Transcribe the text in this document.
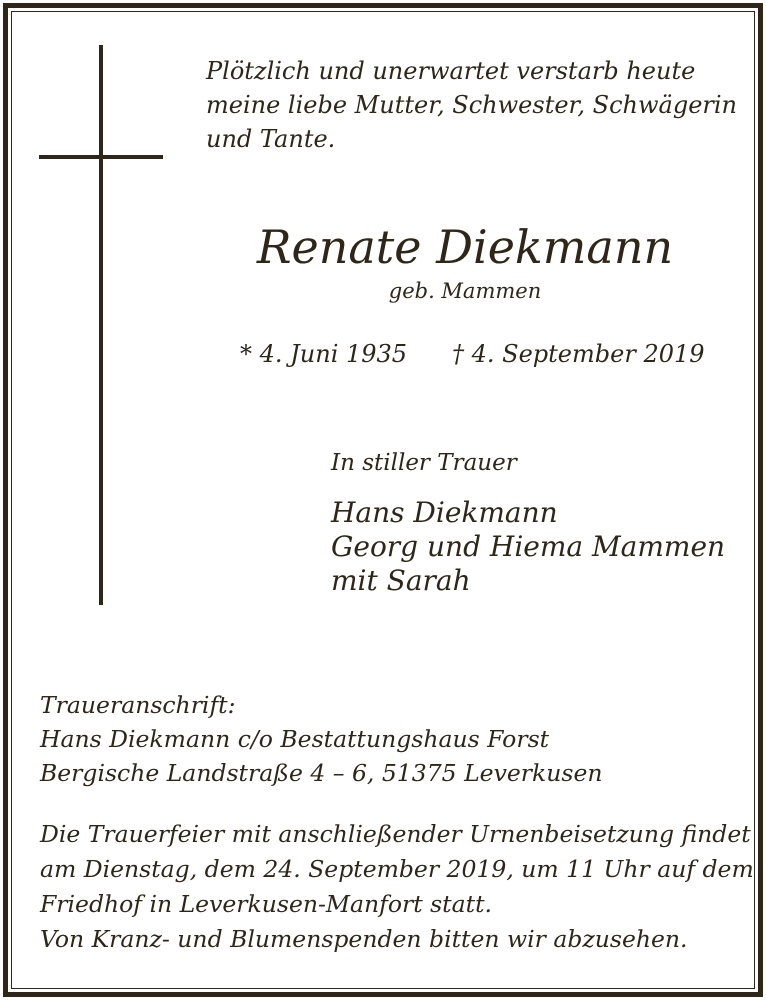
Plötzlich und unerwartet verstarb heute
meine liebe Mutter, Schwester, Schwägerin
und Tante.
Renate Diekmann
geb. Mammen
* 4. Juni 1935 † 4. September 2019
In stiller Trauer
Hans Diekmann
Georg und Hiema Mammen
mit Sarah
Traueranschrift:
Hans Diekmann c/o Bestattungshaus Forst
Bergische Landstraße 4 – 6, 51375 Leverkusen
Die Trauerfeier mit anschließender Urnenbeisetzung findet
am Dienstag, dem 24. September 2019, um 11 Uhr auf dem
Friedhof in Leverkusen-Manfort statt.
Von Kranz- und Blumenspenden bitten wir abzusehen.
